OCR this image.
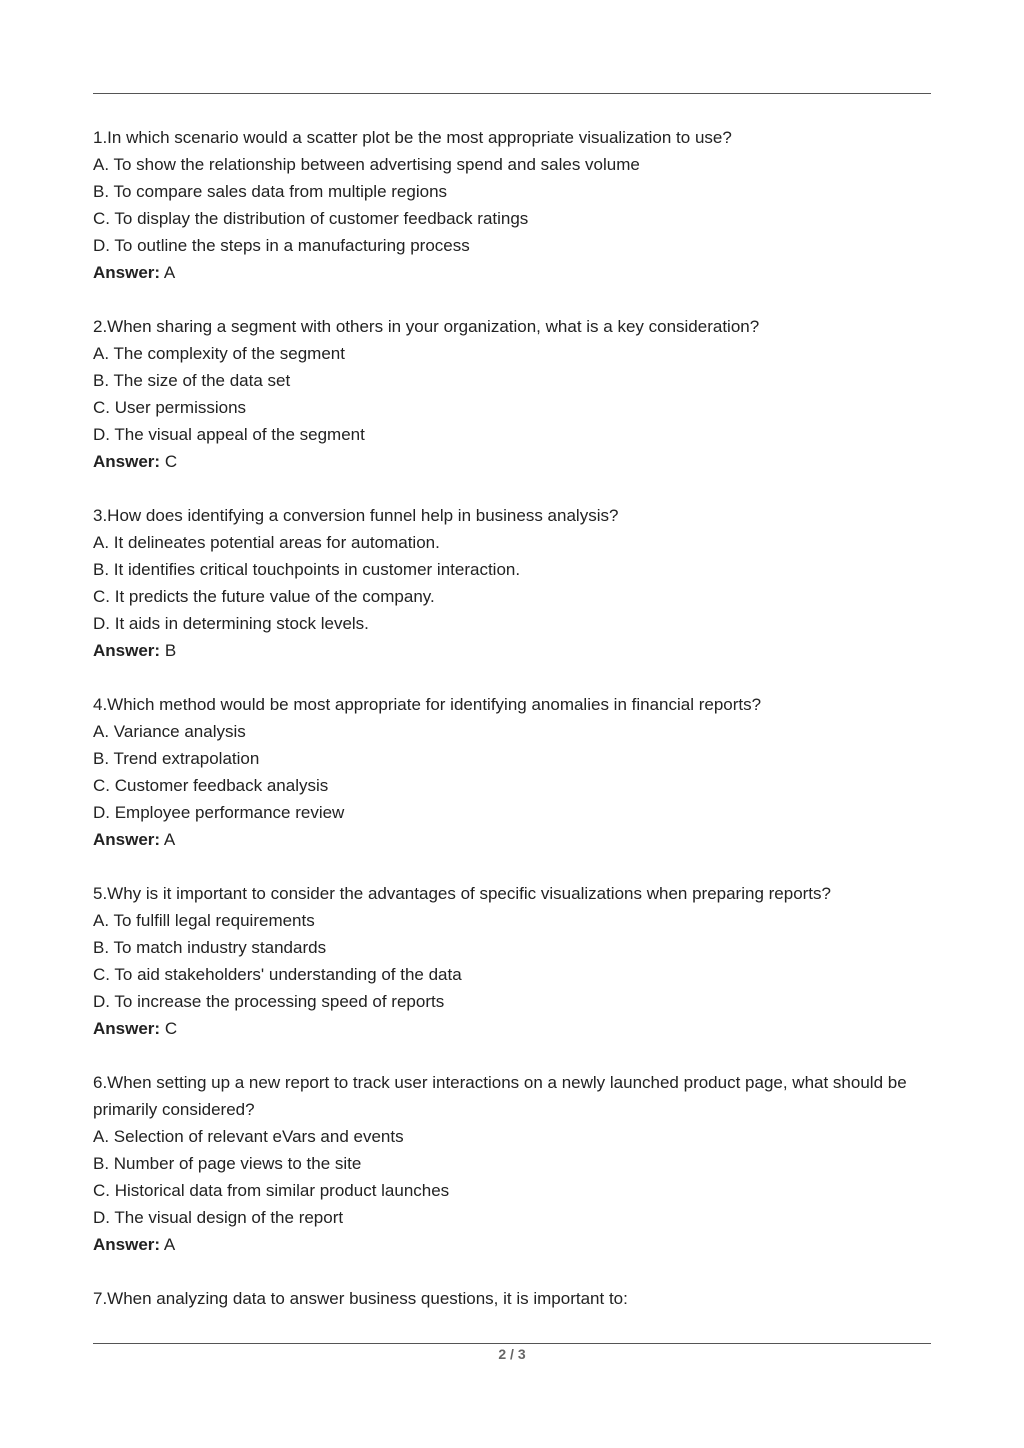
1.In which scenario would a scatter plot be the most appropriate visualization to use?

A. To show the relationship between advertising spend and sales volume

B. To compare sales data from multiple regions

C. To display the distribution of customer feedback ratings

D. To outline the steps in a manufacturing process

Answer: A

2.When sharing a segment with others in your organization, what is a key consideration?

A. The complexity of the segment

B. The size of the data set

C. User permissions

D. The visual appeal of the segment

Answer: C

3.How does identifying a conversion funnel help in business analysis?

A. It delineates potential areas for automation.

B. It identifies critical touchpoints in customer interaction.

C. It predicts the future value of the company.

D. It aids in determining stock levels.

Answer: B

4.Which method would be most appropriate for identifying anomalies in financial reports?

A. Variance analysis

B. Trend extrapolation

C. Customer feedback analysis

D. Employee performance review

Answer: A

5.Why is it important to consider the advantages of specific visualizations when preparing reports?

A. To fulfill legal requirements

B. To match industry standards

C. To aid stakeholders' understanding of the data

D. To increase the processing speed of reports

Answer: C

6.When setting up a new report to track user interactions on a newly launched product page, what should be primarily considered?

A. Selection of relevant eVars and events

B. Number of page views to the site

C. Historical data from similar product launches

D. The visual design of the report

Answer: A

7.When analyzing data to answer business questions, it is important to:

2 / 3
